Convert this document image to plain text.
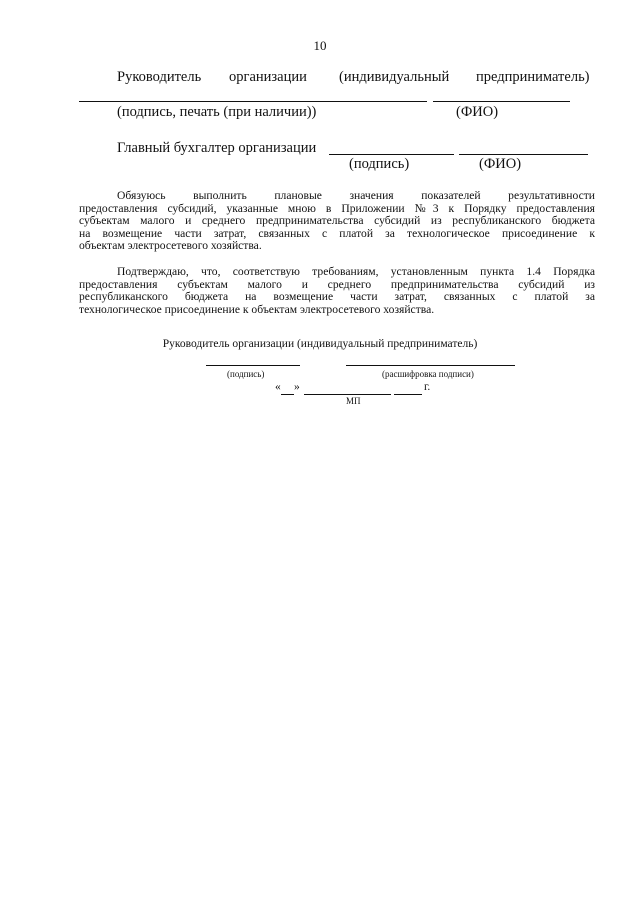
10
Руководитель организации (индивидуальный предприниматель)
(подпись, печать (при наличии))	(ФИО)
Главный бухгалтер организации
(подпись)	(ФИО)
Обязуюсь выполнить плановые значения показателей результативности
предоставления субсидий, указанные мною в Приложении №3 к Порядку предоставления
субъектам малого и среднего предпринимательства субсидий из республиканского бюджета
на возмещение части затрат, связанных с платой за технологическое присоединение к
объектам электросетевого хозяйства.
Подтверждаю, что, соответствую требованиям, установленным пункта 1.4 Порядка
предоставления субъектам малого и среднего предпринимательства субсидий из
республиканского бюджета на возмещение части затрат, связанных с платой за
технологическое присоединение к объектам электросетевого хозяйства.
Руководитель организации (индивидуальный предприниматель)
(подпись)	(расшифровка подписи)
« »	г.
МП
